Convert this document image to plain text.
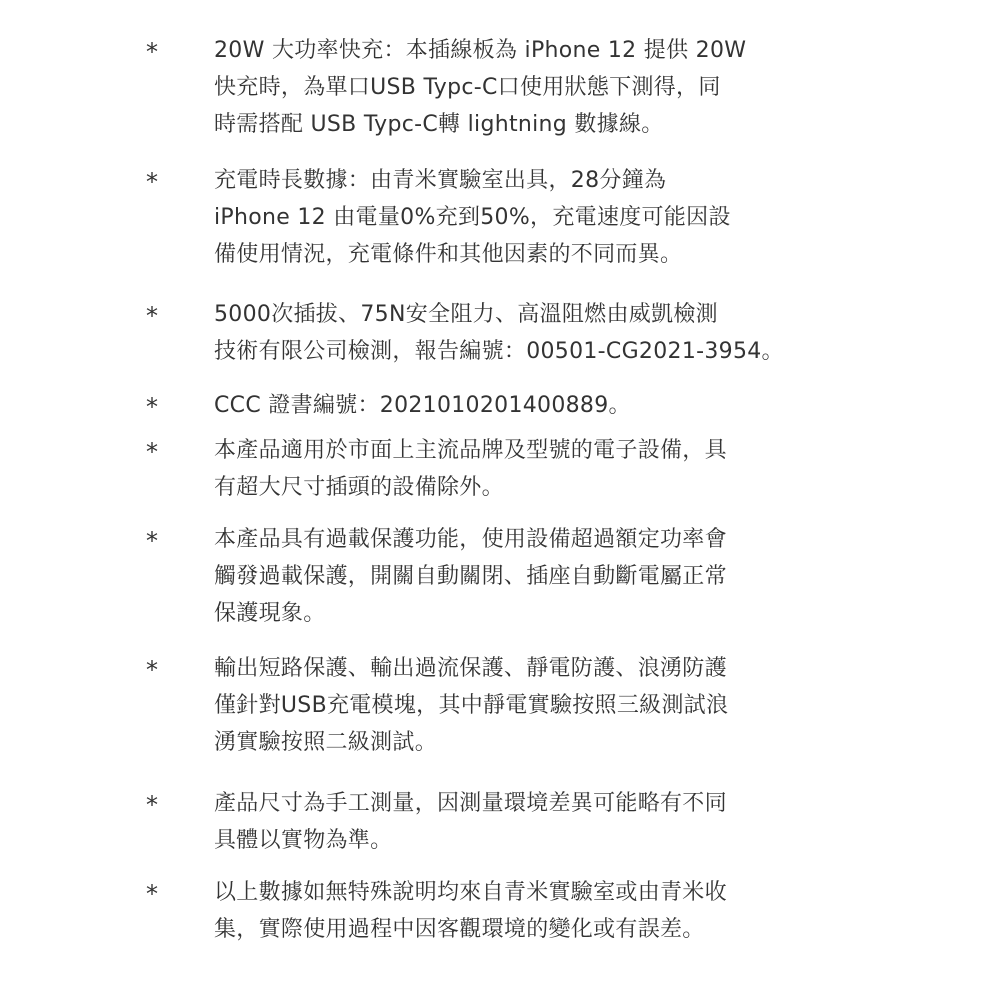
*	20W 大功率快充：本插線板為 iPhone 12 提供 20W
快充時，為單口USB Typc-C口使用狀態下測得，同
時需搭配 USB Typc-C轉 lightning 數據線。
*	充電時長數據：由青米實驗室出具，28分鐘為
iPhone 12 由電量0%充到50%，充電速度可能因設
備使用情況，充電條件和其他因素的不同而異。
*	5000次插拔、75N安全阻力、高溫阻燃由威凱檢測
技術有限公司檢測，報告編號：00501-CG2021-3954。
*	CCC 證書編號：2021010201400889。
*	本產品適用於市面上主流品牌及型號的電子設備，具
有超大尺寸插頭的設備除外。
*	本產品具有過載保護功能，使用設備超過額定功率會
觸發過載保護，開關自動關閉、插座自動斷電屬正常
保護現象。
*	輸出短路保護、輸出過流保護、靜電防護、浪湧防護
僅針對USB充電模塊，其中靜電實驗按照三級測試浪
湧實驗按照二級測試。
*	產品尺寸為手工測量，因測量環境差異可能略有不同
具體以實物為準。
*	以上數據如無特殊說明均來自青米實驗室或由青米收
集，實際使用過程中因客觀環境的變化或有誤差。
